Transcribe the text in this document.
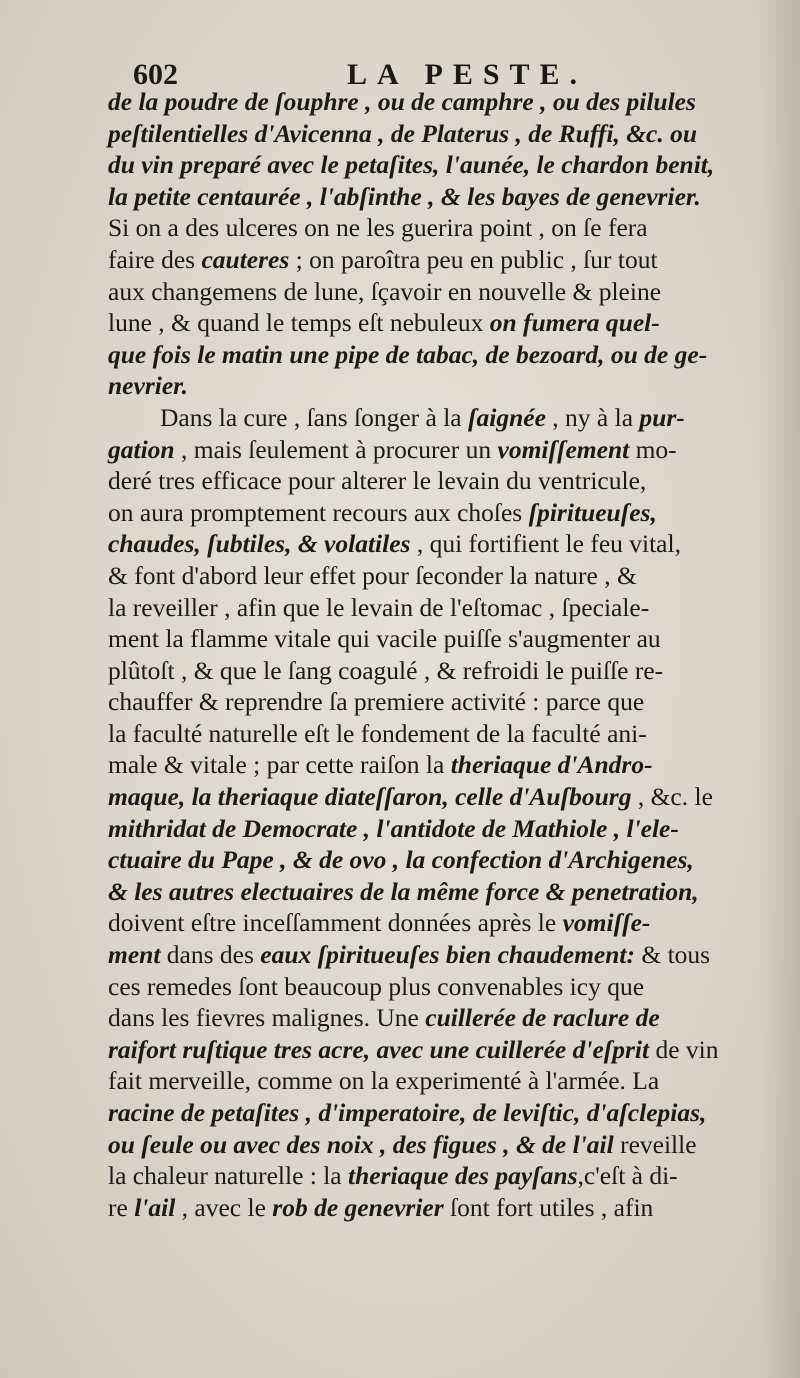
602	LA PESTE.
de la poudre de ſouphre , ou de camphre , ou des pilules
peſtilentielles d'Avicenna , de Platerus , de Ruffi, &c. ou
du vin preparé avec le petaſites, l'aunée, le chardon benit,
la petite centaurée , l'abſinthe , & les bayes de genevrier.
Si on a des ulceres on ne les guerira point , on ſe fera
faire des cauteres ; on paroîtra peu en public , ſur tout
aux changemens de lune, ſçavoir en nouvelle & pleine
lune , & quand le temps eſt nebuleux on fumera quel-
que fois le matin une pipe de tabac, de bezoard, ou de ge-
nevrier.
Dans la cure , ſans ſonger à la ſaignée , ny à la pur-
gation , mais ſeulement à procurer un vomiſſement mo-
deré tres efficace pour alterer le levain du ventricule,
on aura promptement recours aux choſes ſpiritueuſes,
chaudes, ſubtiles, & volatiles , qui fortifient le feu vital,
& font d'abord leur effet pour ſeconder la nature , &
la reveiller , afin que le levain de l'eſtomac , ſpeciale-
ment la flamme vitale qui vacile puiſſe s'augmenter au
plûtoſt , & que le ſang coagulé , & refroidi le puiſſe re-
chauffer & reprendre ſa premiere activité : parce que
la faculté naturelle eſt le fondement de la faculté ani-
male & vitale ; par cette raiſon la theriaque d'Andro-
maque, la theriaque diateſſaron, celle d'Auſbourg , &c. le
mithridat de Democrate , l'antidote de Mathiole , l'ele-
ctuaire du Pape , & de ovo , la confection d'Archigenes,
& les autres electuaires de la même force & penetration,
doivent eſtre inceſſamment données après le vomiſſe-
ment dans des eaux ſpiritueuſes bien chaudement: & tous
ces remedes ſont beaucoup plus convenables icy que
dans les fievres malignes. Une cuillerée de raclure de
raifort ruſtique tres acre, avec une cuillerée d'eſprit de vin
fait merveille, comme on la experimenté à l'armée. La
racine de petaſites , d'imperatoire, de leviſtic, d'aſclepias,
ou ſeule ou avec des noix , des figues , & de l'ail reveille
la chaleur naturelle : la theriaque des payſans,c'eſt à di-
re l'ail , avec le rob de genevrier ſont fort utiles , afin
